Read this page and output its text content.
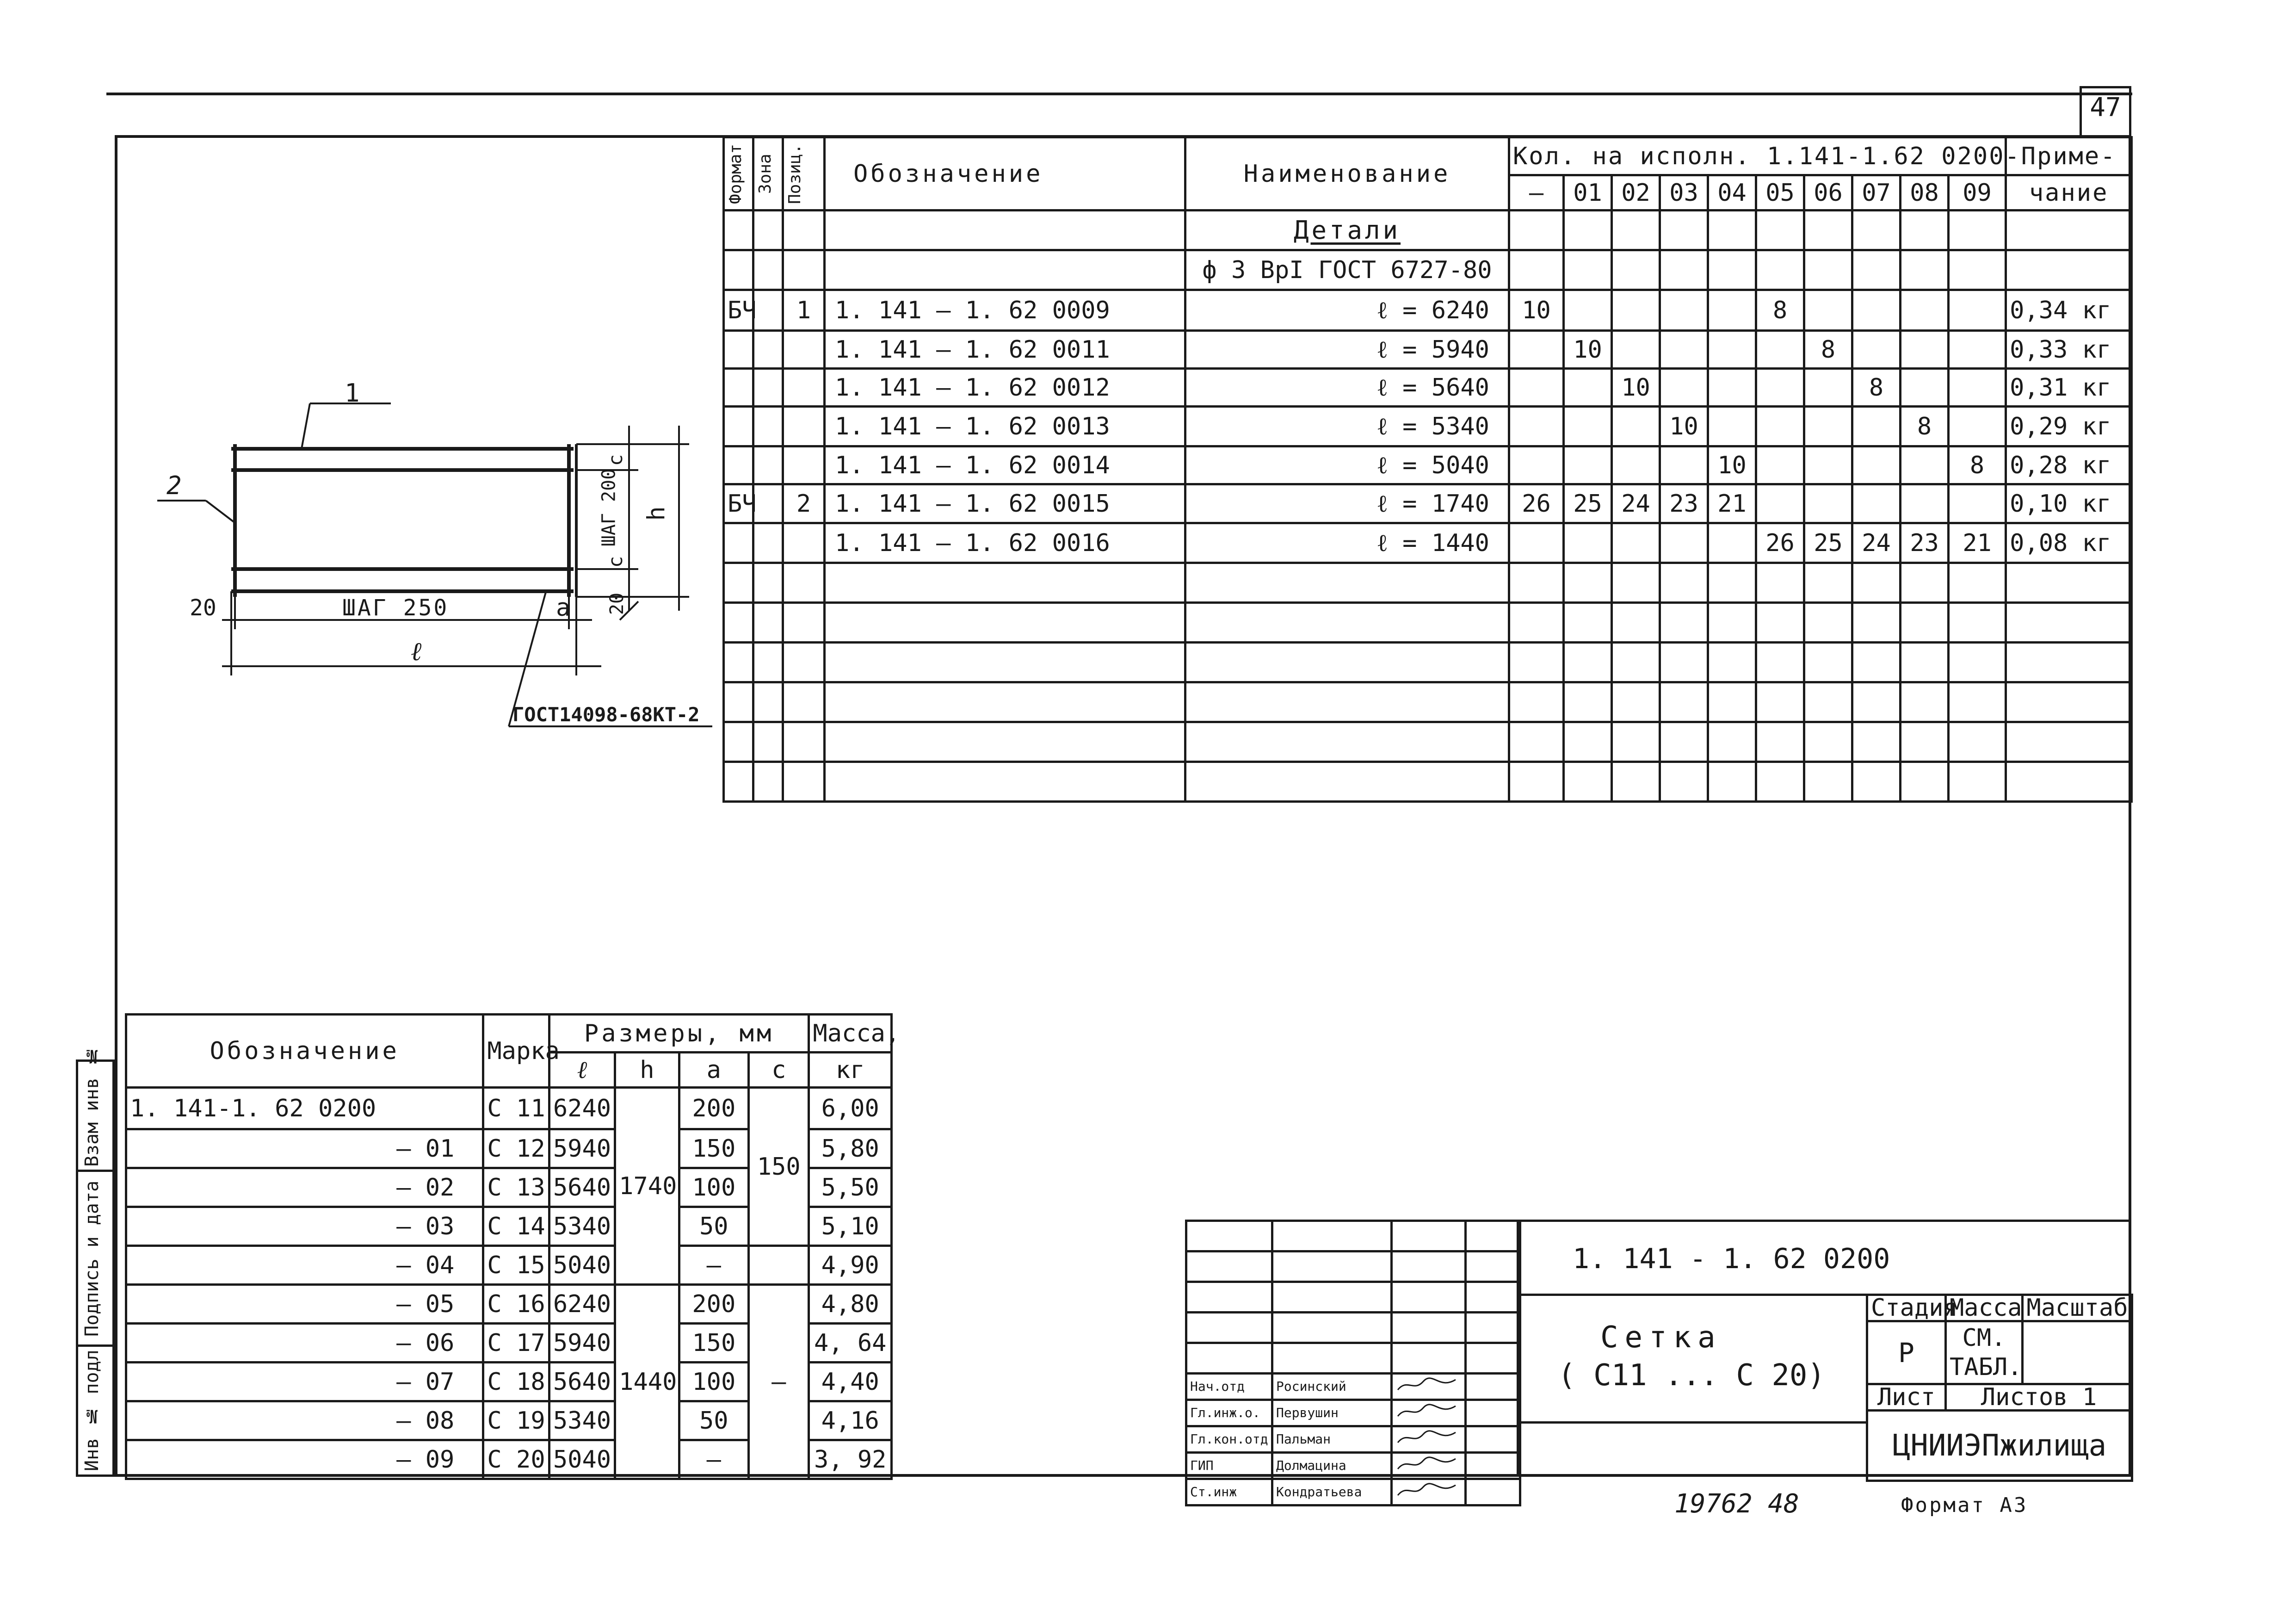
47
Инв № подл
Подпись и дата
Взам инв №
Формат	Зона	Позиц.	Обозначение	Наименование	Кол. на исполн. 1.141-1.62 0200-										Приме-
					–	01	02	03	04	05	06	07	08	09	чание
				Детали											
				ф 3 ВрI ГОСТ 6727-80											
БЧ		1	1. 141 – 1. 62 0009	ℓ = 6240	10					8					0,34 кг
			1. 141 – 1. 62 0011	ℓ = 5940		10					8				0,33 кг
			1. 141 – 1. 62 0012	ℓ = 5640			10					8			0,31 кг
			1. 141 – 1. 62 0013	ℓ = 5340				10					8		0,29 кг
			1. 141 – 1. 62 0014	ℓ = 5040					10					8	0,28 кг
БЧ		2	1. 141 – 1. 62 0015	ℓ = 1740	26	25	24	23	21						0,10 кг
			1. 141 – 1. 62 0016	ℓ = 1440						26	25	24	23	21	0,08 кг

1
2
ШАГ 250
20
ℓ
a
c
ШАГ 200
c
20
h
ГОСТ14098-68КТ-2
Обозначение	Марка	Размеры, мм				Масса,
		ℓ	h	a	c	кг
1. 141-1. 62 0200	С 11	6240	1740	200	150	6,00
– 01	С 12	5940		150		5,80
– 02	С 13	5640		100		5,50
– 03	С 14	5340		50		5,10
– 04	С 15	5040		—		4,90
– 05	С 16	6240	1440	200	—	4,80
– 06	С 17	5940		150		4, 64
– 07	С 18	5640		100		4,40
– 08	С 19	5340		50		4,16
– 09	С 20	5040		–		3, 92

Нач.отд	Росинский		
Гл.инж.о.	Первушин		
Гл.кон.отд	Пальман		
ГИП	Долмацина		
Ст.инж	Кондратьева		
1. 141 - 1. 62 0200
Сетка
( С11 ... С 20)
Стадия	Масса	Масштаб
Р	СМ.
ТАБЛ.	

Лист	Листов 1	
ЦНИИЭПжилища		
19762 48	Формат А3
